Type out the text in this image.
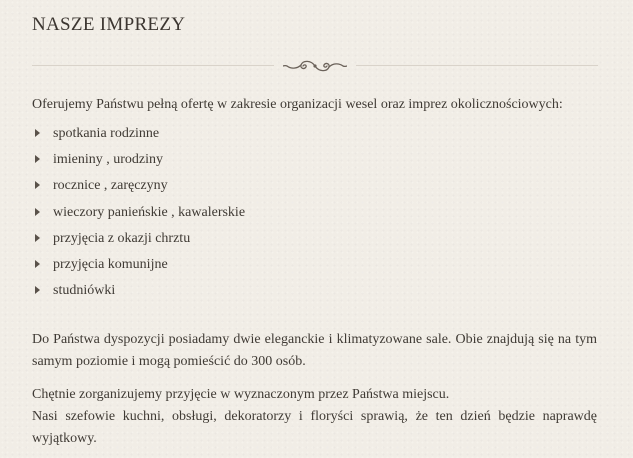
NASZE IMPREZY

Oferujemy Państwu pełną ofertę w zakresie organizacji wesel oraz imprez okolicznościowych:

spotkania rodzinne
imieniny , urodziny
rocznice , zaręczyny
wieczory panieńskie , kawalerskie
przyjęcia z okazji chrztu
przyjęcia komunijne
studniówki

Do Państwa dyspozycji posiadamy dwie eleganckie i klimatyzowane sale. Obie znajdują się na tym samym poziomie i mogą pomieścić do 300 osób.

Chętnie zorganizujemy przyjęcie w wyznaczonym przez Państwa miejscu.

Nasi szefowie kuchni, obsługi, dekoratorzy i floryści sprawią, że ten dzień będzie naprawdę wyjątkowy.
